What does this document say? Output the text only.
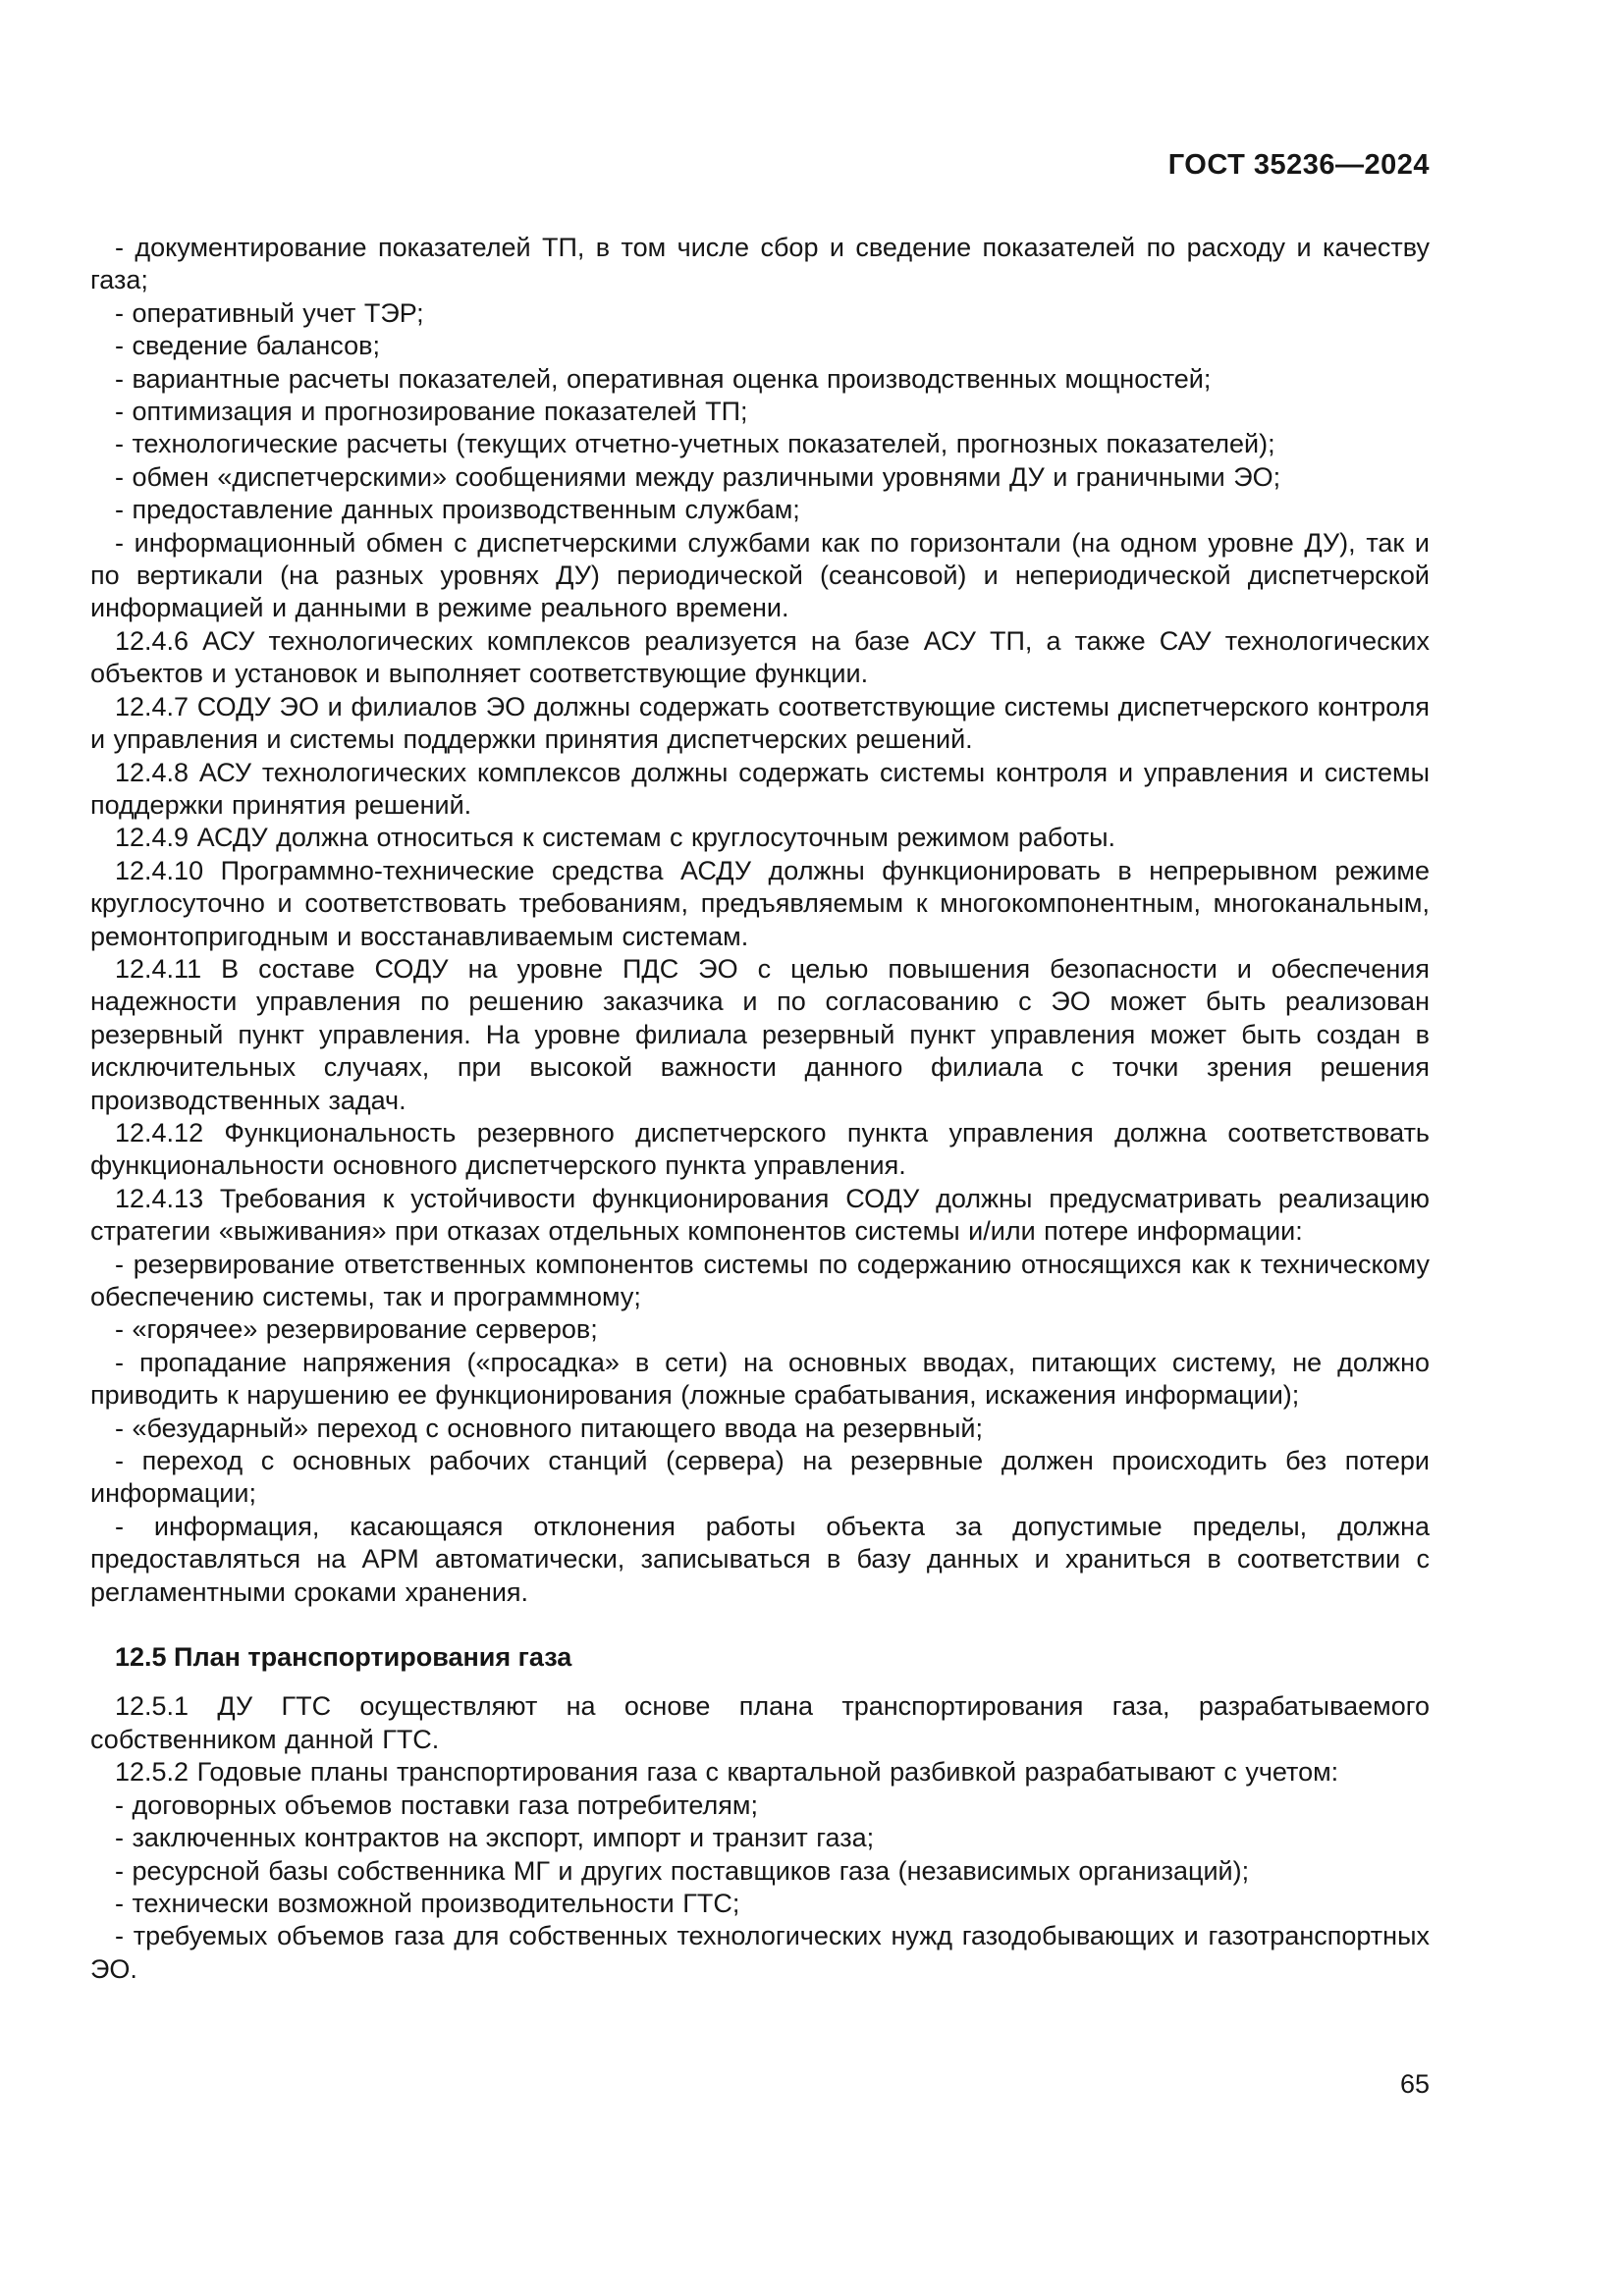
ГОСТ 35236—2024

- документирование показателей ТП, в том числе сбор и сведение показателей по расходу и качеству газа;

- оперативный учет ТЭР;

- сведение балансов;

- вариантные расчеты показателей, оперативная оценка производственных мощностей;

- оптимизация и прогнозирование показателей ТП;

- технологические расчеты (текущих отчетно-учетных показателей, прогнозных показателей);

- обмен «диспетчерскими» сообщениями между различными уровнями ДУ и граничными ЭО;

- предоставление данных производственным службам;

- информационный обмен с диспетчерскими службами как по горизонтали (на одном уровне ДУ), так и по вертикали (на разных уровнях ДУ) периодической (сеансовой) и непериодической диспетчерской информацией и данными в режиме реального времени.

12.4.6 АСУ технологических комплексов реализуется на базе АСУ ТП, а также САУ технологических объектов и установок и выполняет соответствующие функции.

12.4.7 СОДУ ЭО и филиалов ЭО должны содержать соответствующие системы диспетчерского контроля и управления и системы поддержки принятия диспетчерских решений.

12.4.8 АСУ технологических комплексов должны содержать системы контроля и управления и системы поддержки принятия решений.

12.4.9 АСДУ должна относиться к системам с круглосуточным режимом работы.

12.4.10 Программно-технические средства АСДУ должны функционировать в непрерывном режиме круглосуточно и соответствовать требованиям, предъявляемым к многокомпонентным, многоканальным, ремонтопригодным и восстанавливаемым системам.

12.4.11 В составе СОДУ на уровне ПДС ЭО с целью повышения безопасности и обеспечения надежности управления по решению заказчика и по согласованию с ЭО может быть реализован резервный пункт управления. На уровне филиала резервный пункт управления может быть создан в исключительных случаях, при высокой важности данного филиала с точки зрения решения производственных задач.

12.4.12 Функциональность резервного диспетчерского пункта управления должна соответствовать функциональности основного диспетчерского пункта управления.

12.4.13 Требования к устойчивости функционирования СОДУ должны предусматривать реализацию стратегии «выживания» при отказах отдельных компонентов системы и/или потере информации:

- резервирование ответственных компонентов системы по содержанию относящихся как к техническому обеспечению системы, так и программному;

- «горячее» резервирование серверов;

- пропадание напряжения («просадка» в сети) на основных вводах, питающих систему, не должно приводить к нарушению ее функционирования (ложные срабатывания, искажения информации);

- «безударный» переход с основного питающего ввода на резервный;

- переход с основных рабочих станций (сервера) на резервные должен происходить без потери информации;

- информация, касающаяся отклонения работы объекта за допустимые пределы, должна предоставляться на АРМ автоматически, записываться в базу данных и храниться в соответствии с регламентными сроками хранения.

12.5 План транспортирования газа

12.5.1 ДУ ГТС осуществляют на основе плана транспортирования газа, разрабатываемого собственником данной ГТС.

12.5.2 Годовые планы транспортирования газа с квартальной разбивкой разрабатывают с учетом:

- договорных объемов поставки газа потребителям;

- заключенных контрактов на экспорт, импорт и транзит газа;

- ресурсной базы собственника МГ и других поставщиков газа (независимых организаций);

- технически возможной производительности ГТС;

- требуемых объемов газа для собственных технологических нужд газодобывающих и газотранспортных ЭО.

65
